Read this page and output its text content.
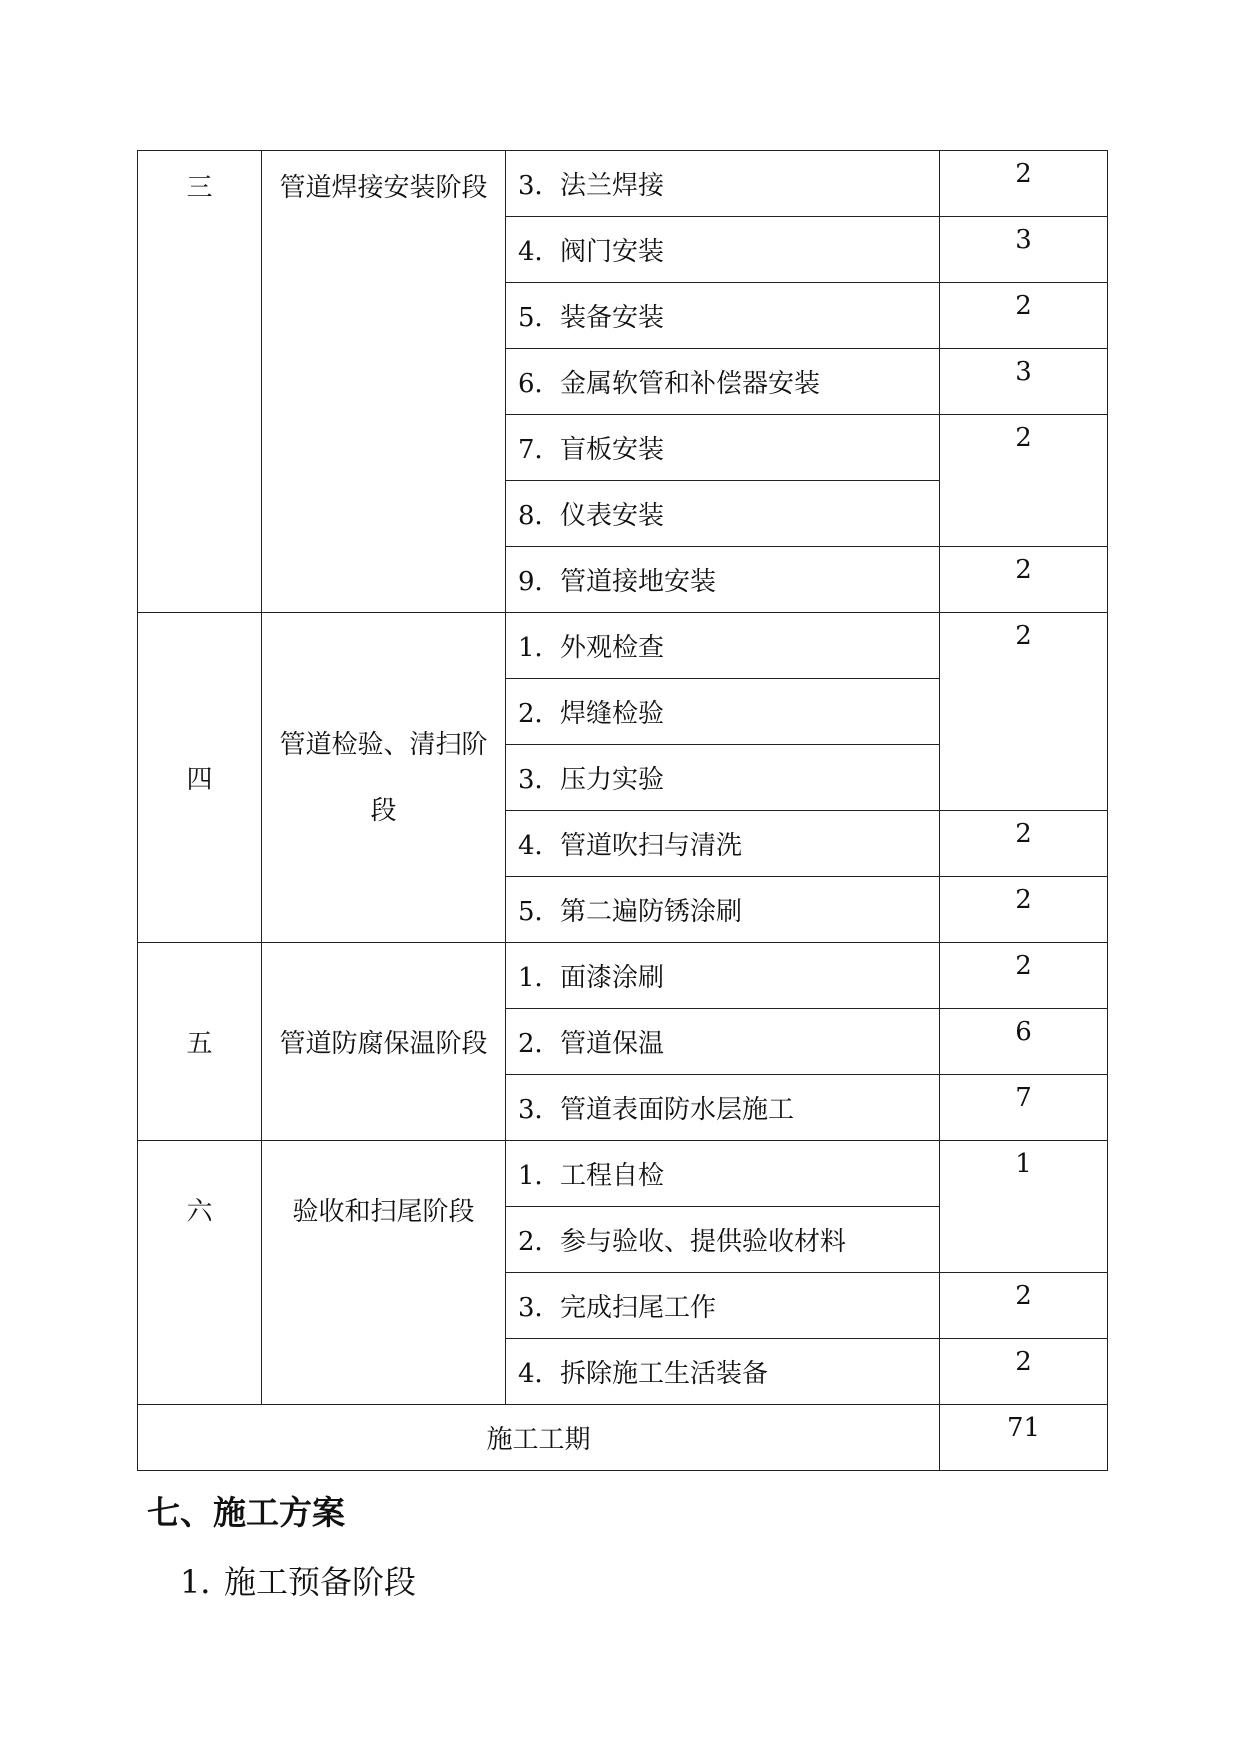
三	管道焊接安装阶段	3．法兰焊接	2
		4．阀门安装	3
		5．装备安装	2
		6．金属软管和补偿器安装	3
		7．盲板安装	2
		8．仪表安装	
		9．管道接地安装	2
四	管道检验、清扫阶段	1．外观检查	2
		2．焊缝检验	
		3．压力实验	
		4．管道吹扫与清洗	2
		5．第二遍防锈涂刷	2
五	管道防腐保温阶段	1．面漆涂刷	2
		2．管道保温	6
		3．管道表面防水层施工	7
六	验收和扫尾阶段	1．工程自检	1
		2．参与验收、提供验收材料	
		3．完成扫尾工作	2
		4．拆除施工生活装备	2
施工工期			71
七、施工方案
1．施工预备阶段
